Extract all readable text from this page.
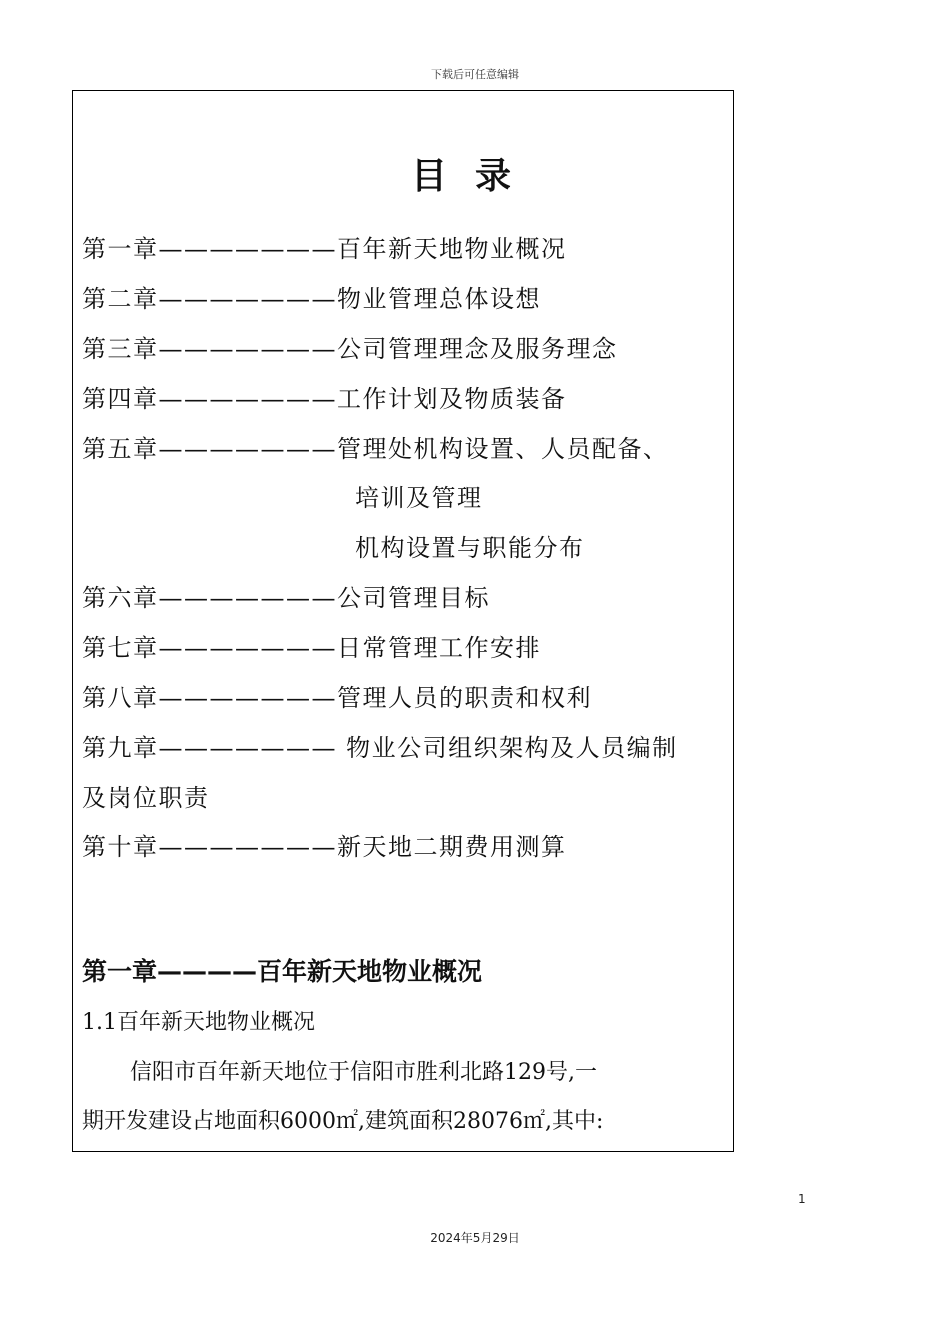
下载后可任意编辑
目录
第一章———————百年新天地物业概况
第二章———————物业管理总体设想
第三章———————公司管理理念及服务理念
第四章———————工作计划及物质装备
第五章———————管理处机构设置、人员配备、
培训及管理
机构设置与职能分布
第六章———————公司管理目标
第七章———————日常管理工作安排
第八章———————管理人员的职责和权利
第九章——————— 物业公司组织架构及人员编制
及岗位职责
第十章———————新天地二期费用测算
第一章————百年新天地物业概况
1.1百年新天地物业概况
信阳市百年新天地位于信阳市胜利北路129号,一
期开发建设占地面积6000㎡,建筑面积28076㎡,其中:
1
2024年5月29日
